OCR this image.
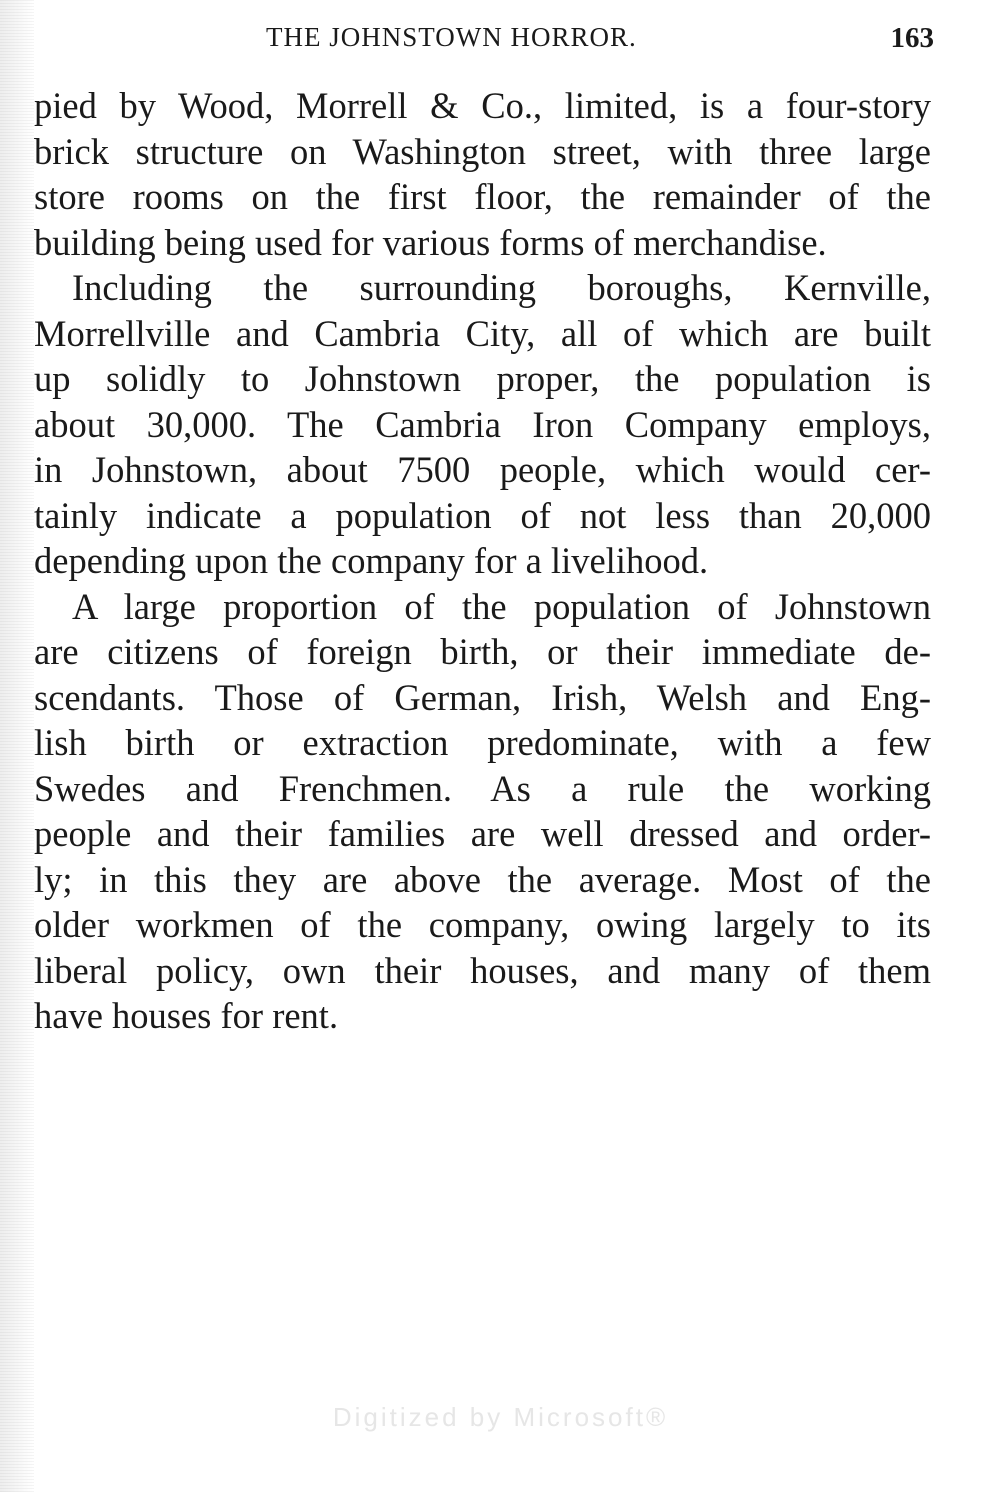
THE JOHNSTOWN HORROR.	163
pied by Wood, Morrell & Co., limited, is a four-story
brick structure on Washington street, with three large
store rooms on the first floor, the remainder of the
building being used for various forms of merchandise.
Including the surrounding boroughs, Kernville,
Morrellville and Cambria City, all of which are built
up solidly to Johnstown proper, the population is
about 30,000. The Cambria Iron Company employs,
in Johnstown, about 7500 people, which would cer-
tainly indicate a population of not less than 20,000
depending upon the company for a livelihood.
A large proportion of the population of Johnstown
are citizens of foreign birth, or their immediate de-
scendants. Those of German, Irish, Welsh and Eng-
lish birth or extraction predominate, with a few
Swedes and Frenchmen. As a rule the working
people and their families are well dressed and order-
ly; in this they are above the average. Most of the
older workmen of the company, owing largely to its
liberal policy, own their houses, and many of them
have houses for rent.
Digitized by Microsoft®
